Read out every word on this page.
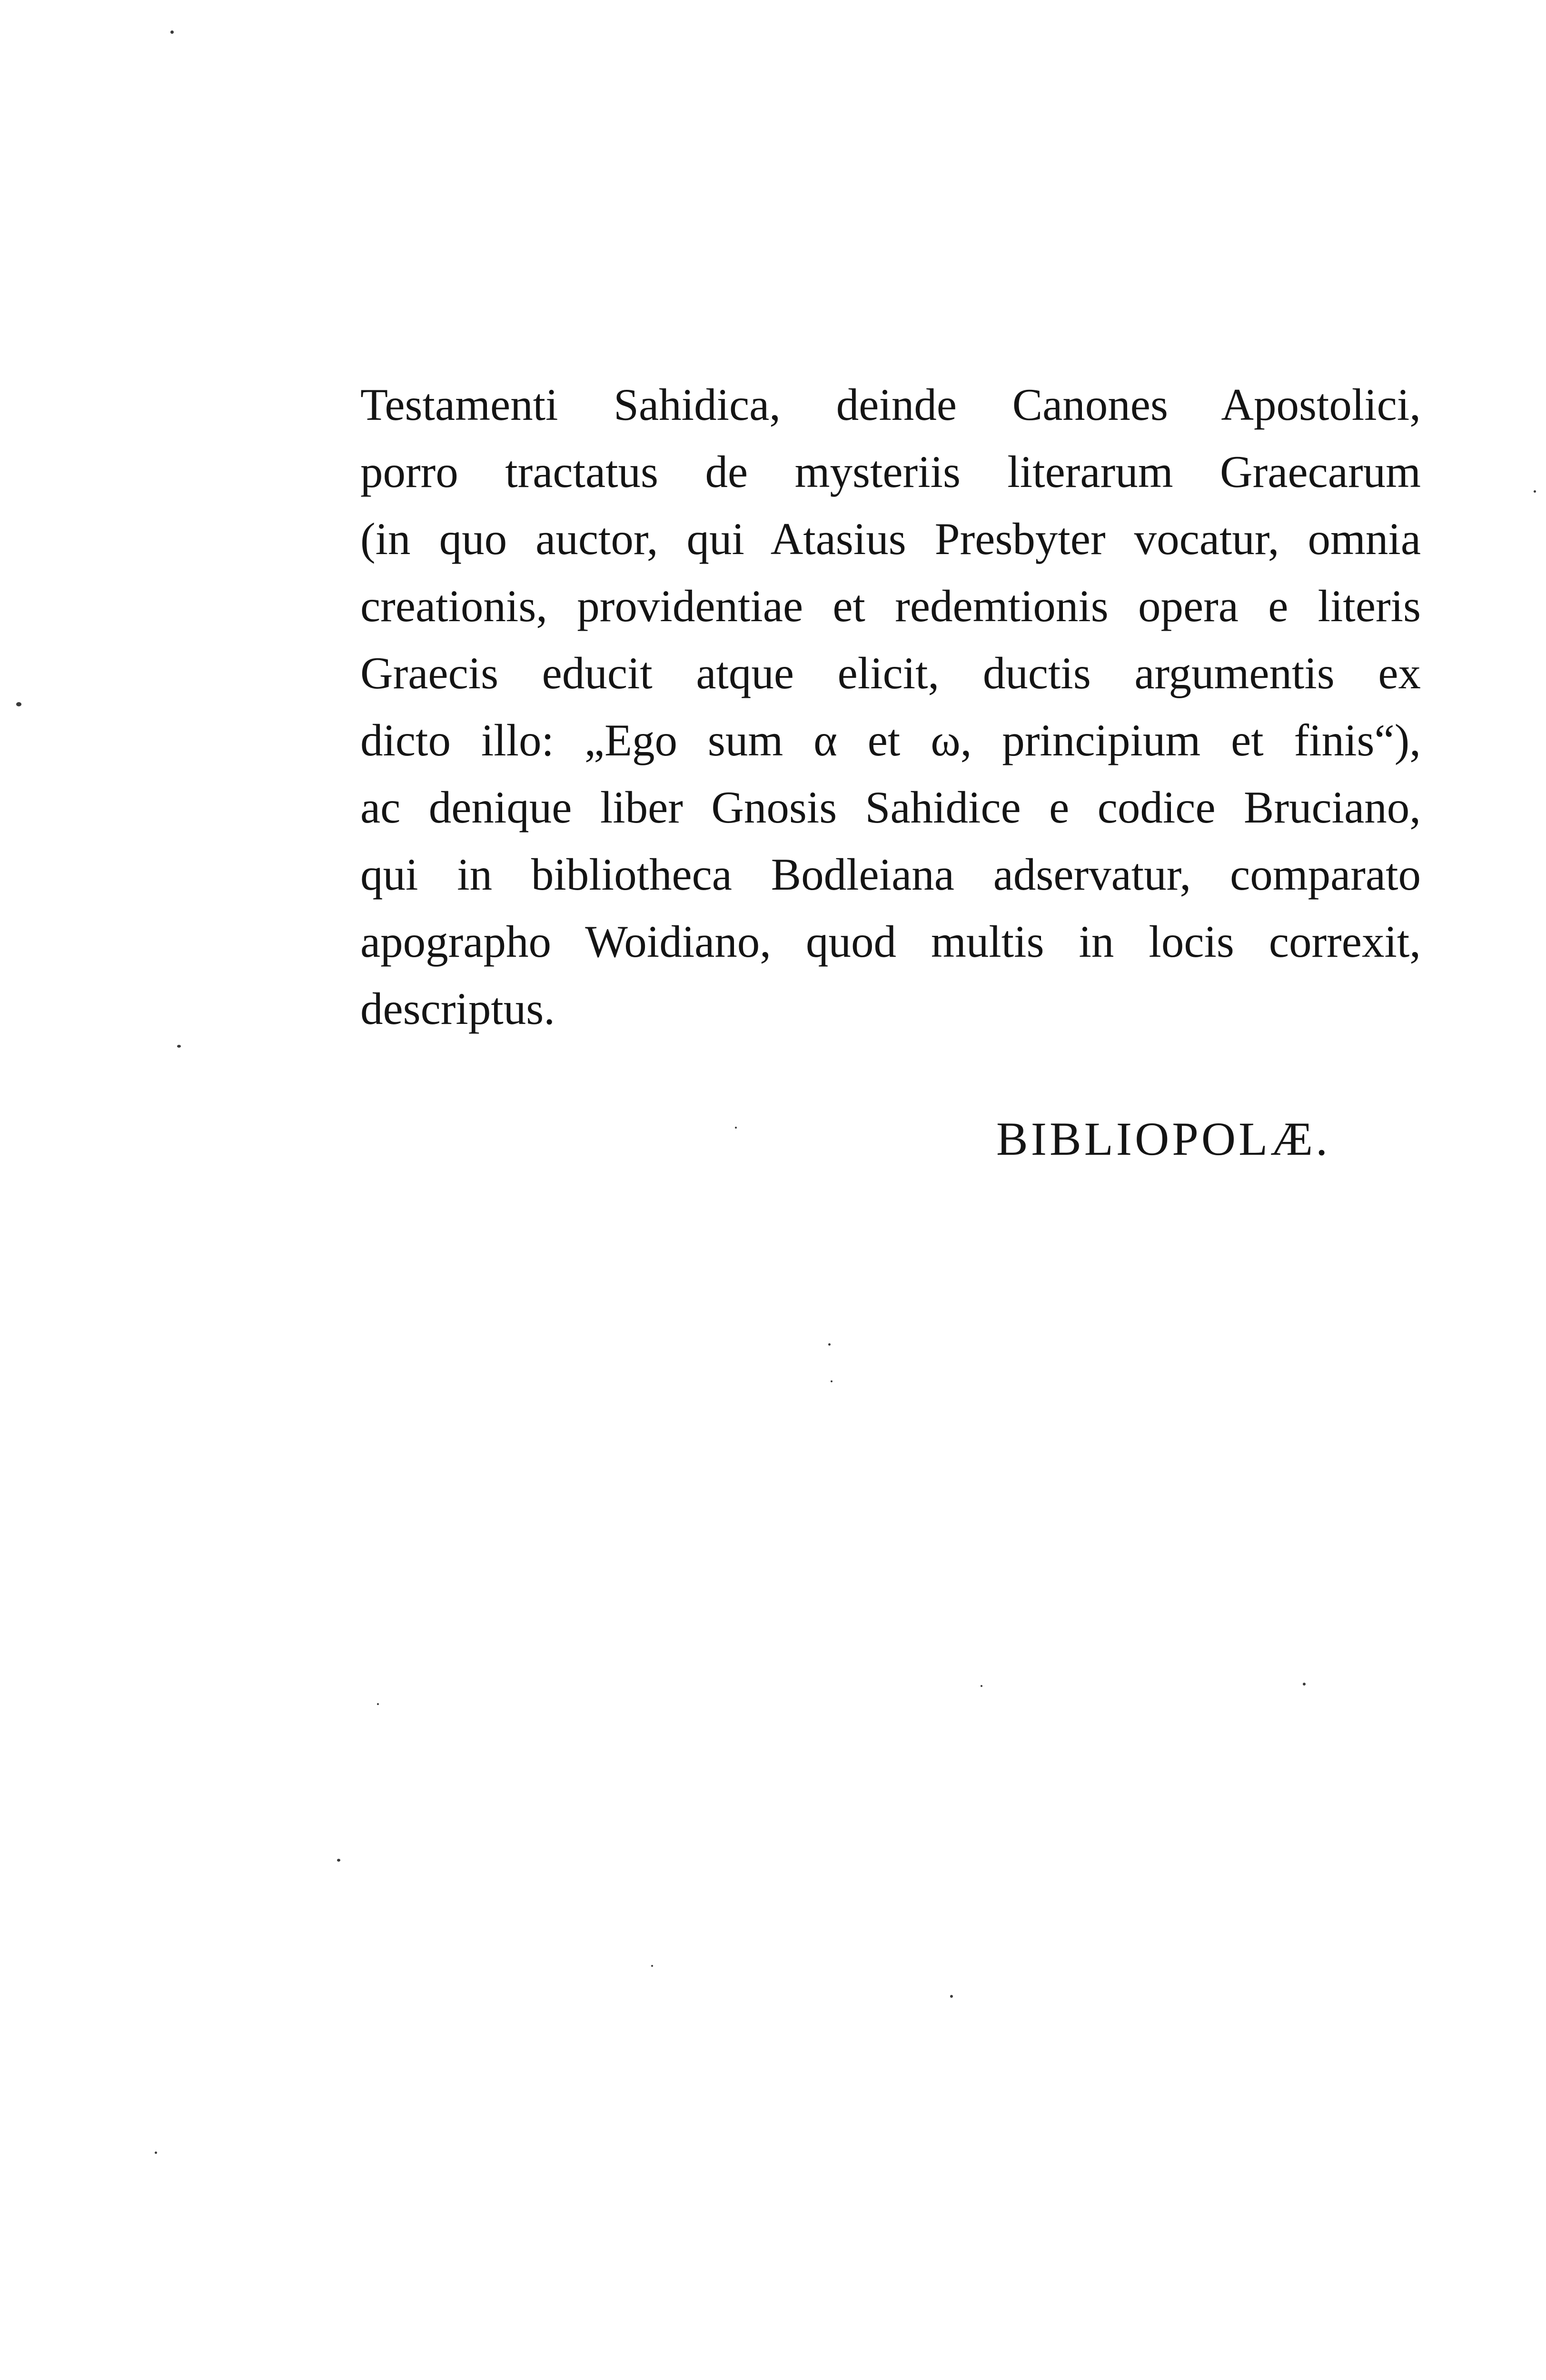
Testamenti Sahidica, deinde Canones Apostolici,
porro tractatus de mysteriis literarum Graecarum
(in quo auctor, qui Atasius Presbyter vocatur, omnia
creationis, providentiae et redemtionis opera e literis
Graecis educit atque elicit, ductis argumentis ex
dicto illo: „Ego sum α et ω, principium et finis“),
ac denique liber Gnosis Sahidice e codice Bruciano,
qui in bibliotheca Bodleiana adservatur, comparato
apographo Woidiano, quod multis in locis correxit,
descriptus.
BIBLIOPOLÆ.
